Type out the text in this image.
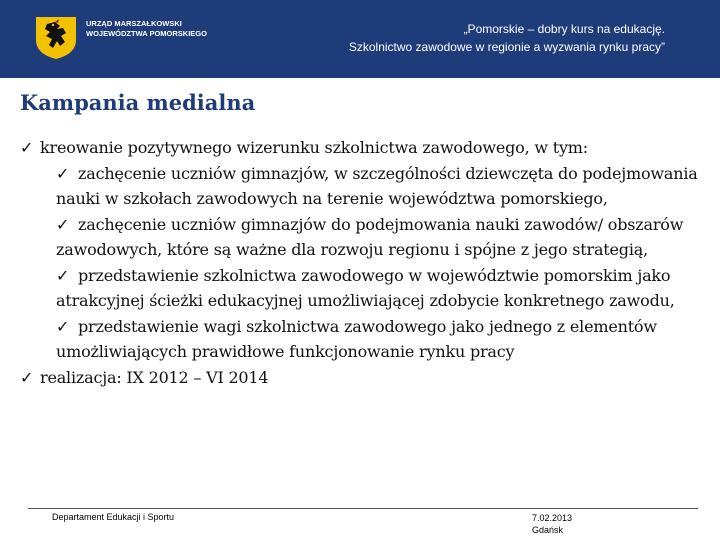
URZĄD MARSZAŁKOWSKI
WOJEWÓDZTWA POMORSKIEGO	„Pomorskie – dobry kurs na edukację.
Szkolnictwo zawodowe w regionie a wyzwania rynku pracy”
Kampania medialna
✓ kreowanie pozytywnego wizerunku szkolnictwa zawodowego, w tym:
✓ zachęcenie uczniów gimnazjów, w szczególności dziewczęta do podejmowania nauki w szkołach zawodowych na terenie województwa pomorskiego,
✓ zachęcenie uczniów gimnazjów do podejmowania nauki zawodów/ obszarów zawodowych, które są ważne dla rozwoju regionu i spójne z jego strategią,
✓ przedstawienie szkolnictwa zawodowego w województwie pomorskim jako atrakcyjnej ścieżki edukacyjnej umożliwiającej zdobycie konkretnego zawodu,
✓ przedstawienie wagi szkolnictwa zawodowego jako jednego z elementów umożliwiających prawidłowe funkcjonowanie rynku pracy
✓ realizacja: IX 2012 – VI 2014
Departament Edukacji i Sportu	7.02.2013
Gdańsk
